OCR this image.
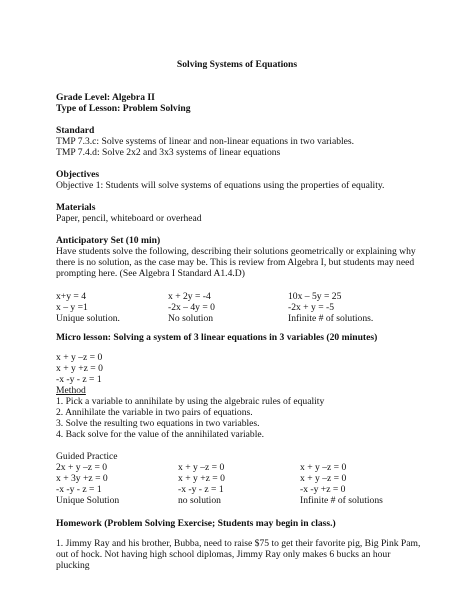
Solving Systems of Equations
Grade Level: Algebra II
Type of Lesson: Problem Solving
Standard
TMP 7.3.c: Solve systems of linear and non-linear equations in two variables.
TMP 7.4.d: Solve 2x2 and 3x3 systems of linear equations
Objectives
Objective 1: Students will solve systems of equations using the properties of equality.
Materials
Paper, pencil, whiteboard or overhead
Anticipatory Set (10 min)
Have students solve the following, describing their solutions geometrically or explaining why
there is no solution, as the case may be. This is review from Algebra I, but students may need
prompting here. (See Algebra I Standard A1.4.D)
x+y = 4	x + 2y = -4	10x – 5y = 25
x – y =1	-2x – 4y = 0	-2x + y = -5
Unique solution.	No solution	Infinite # of solutions.
Micro lesson: Solving a system of 3 linear equations in 3 variables (20 minutes)
x + y –z = 0
x + y +z = 0
-x -y - z = 1
Method
1. Pick a variable to annihilate by using the algebraic rules of equality
2. Annihilate the variable in two pairs of equations.
3. Solve the resulting two equations in two variables.
4. Back solve for the value of the annihilated variable.
Guided Practice
2x + y –z = 0	x + y –z = 0	x + y –z = 0
x + 3y +z = 0	x + y +z = 0	x + y –z = 0
-x -y - z = 1	-x -y - z = 1	-x -y +z = 0
Unique Solution	no solution	Infinite # of solutions
Homework (Problem Solving Exercise; Students may begin in class.)
1. Jimmy Ray and his brother, Bubba, need to raise $75 to get their favorite pig, Big Pink Pam,
out of hock. Not having high school diplomas, Jimmy Ray only makes 6 bucks an hour plucking
